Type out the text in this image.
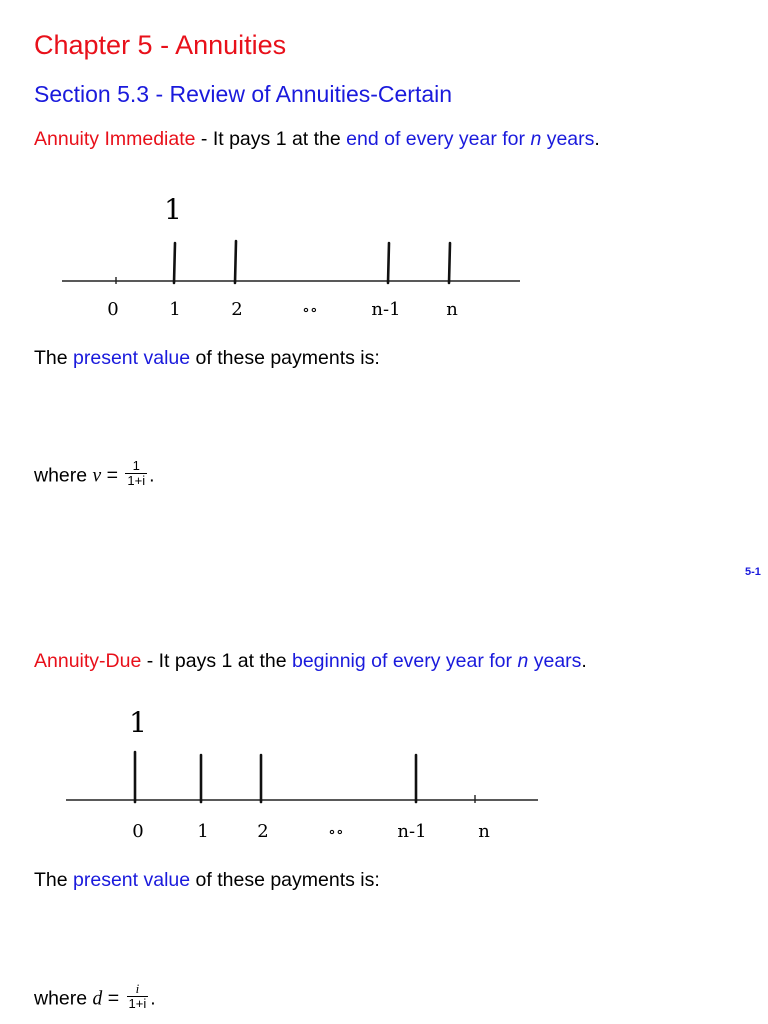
Chapter 5 - Annuities
Section 5.3 - Review of Annuities-Certain
Annuity Immediate - It pays 1 at the end of every year for n years.
1
0	1	2	∘∘	n-1	n
The present value of these payments is:
where $\nu = \frac{1}{1+i}$ .
5-1
Annuity-Due - It pays 1 at the beginnig of every year for n years.
1
0	1	2	∘∘	n-1	n
The present value of these payments is:
where $d = \frac{i}{1+i}$ .
